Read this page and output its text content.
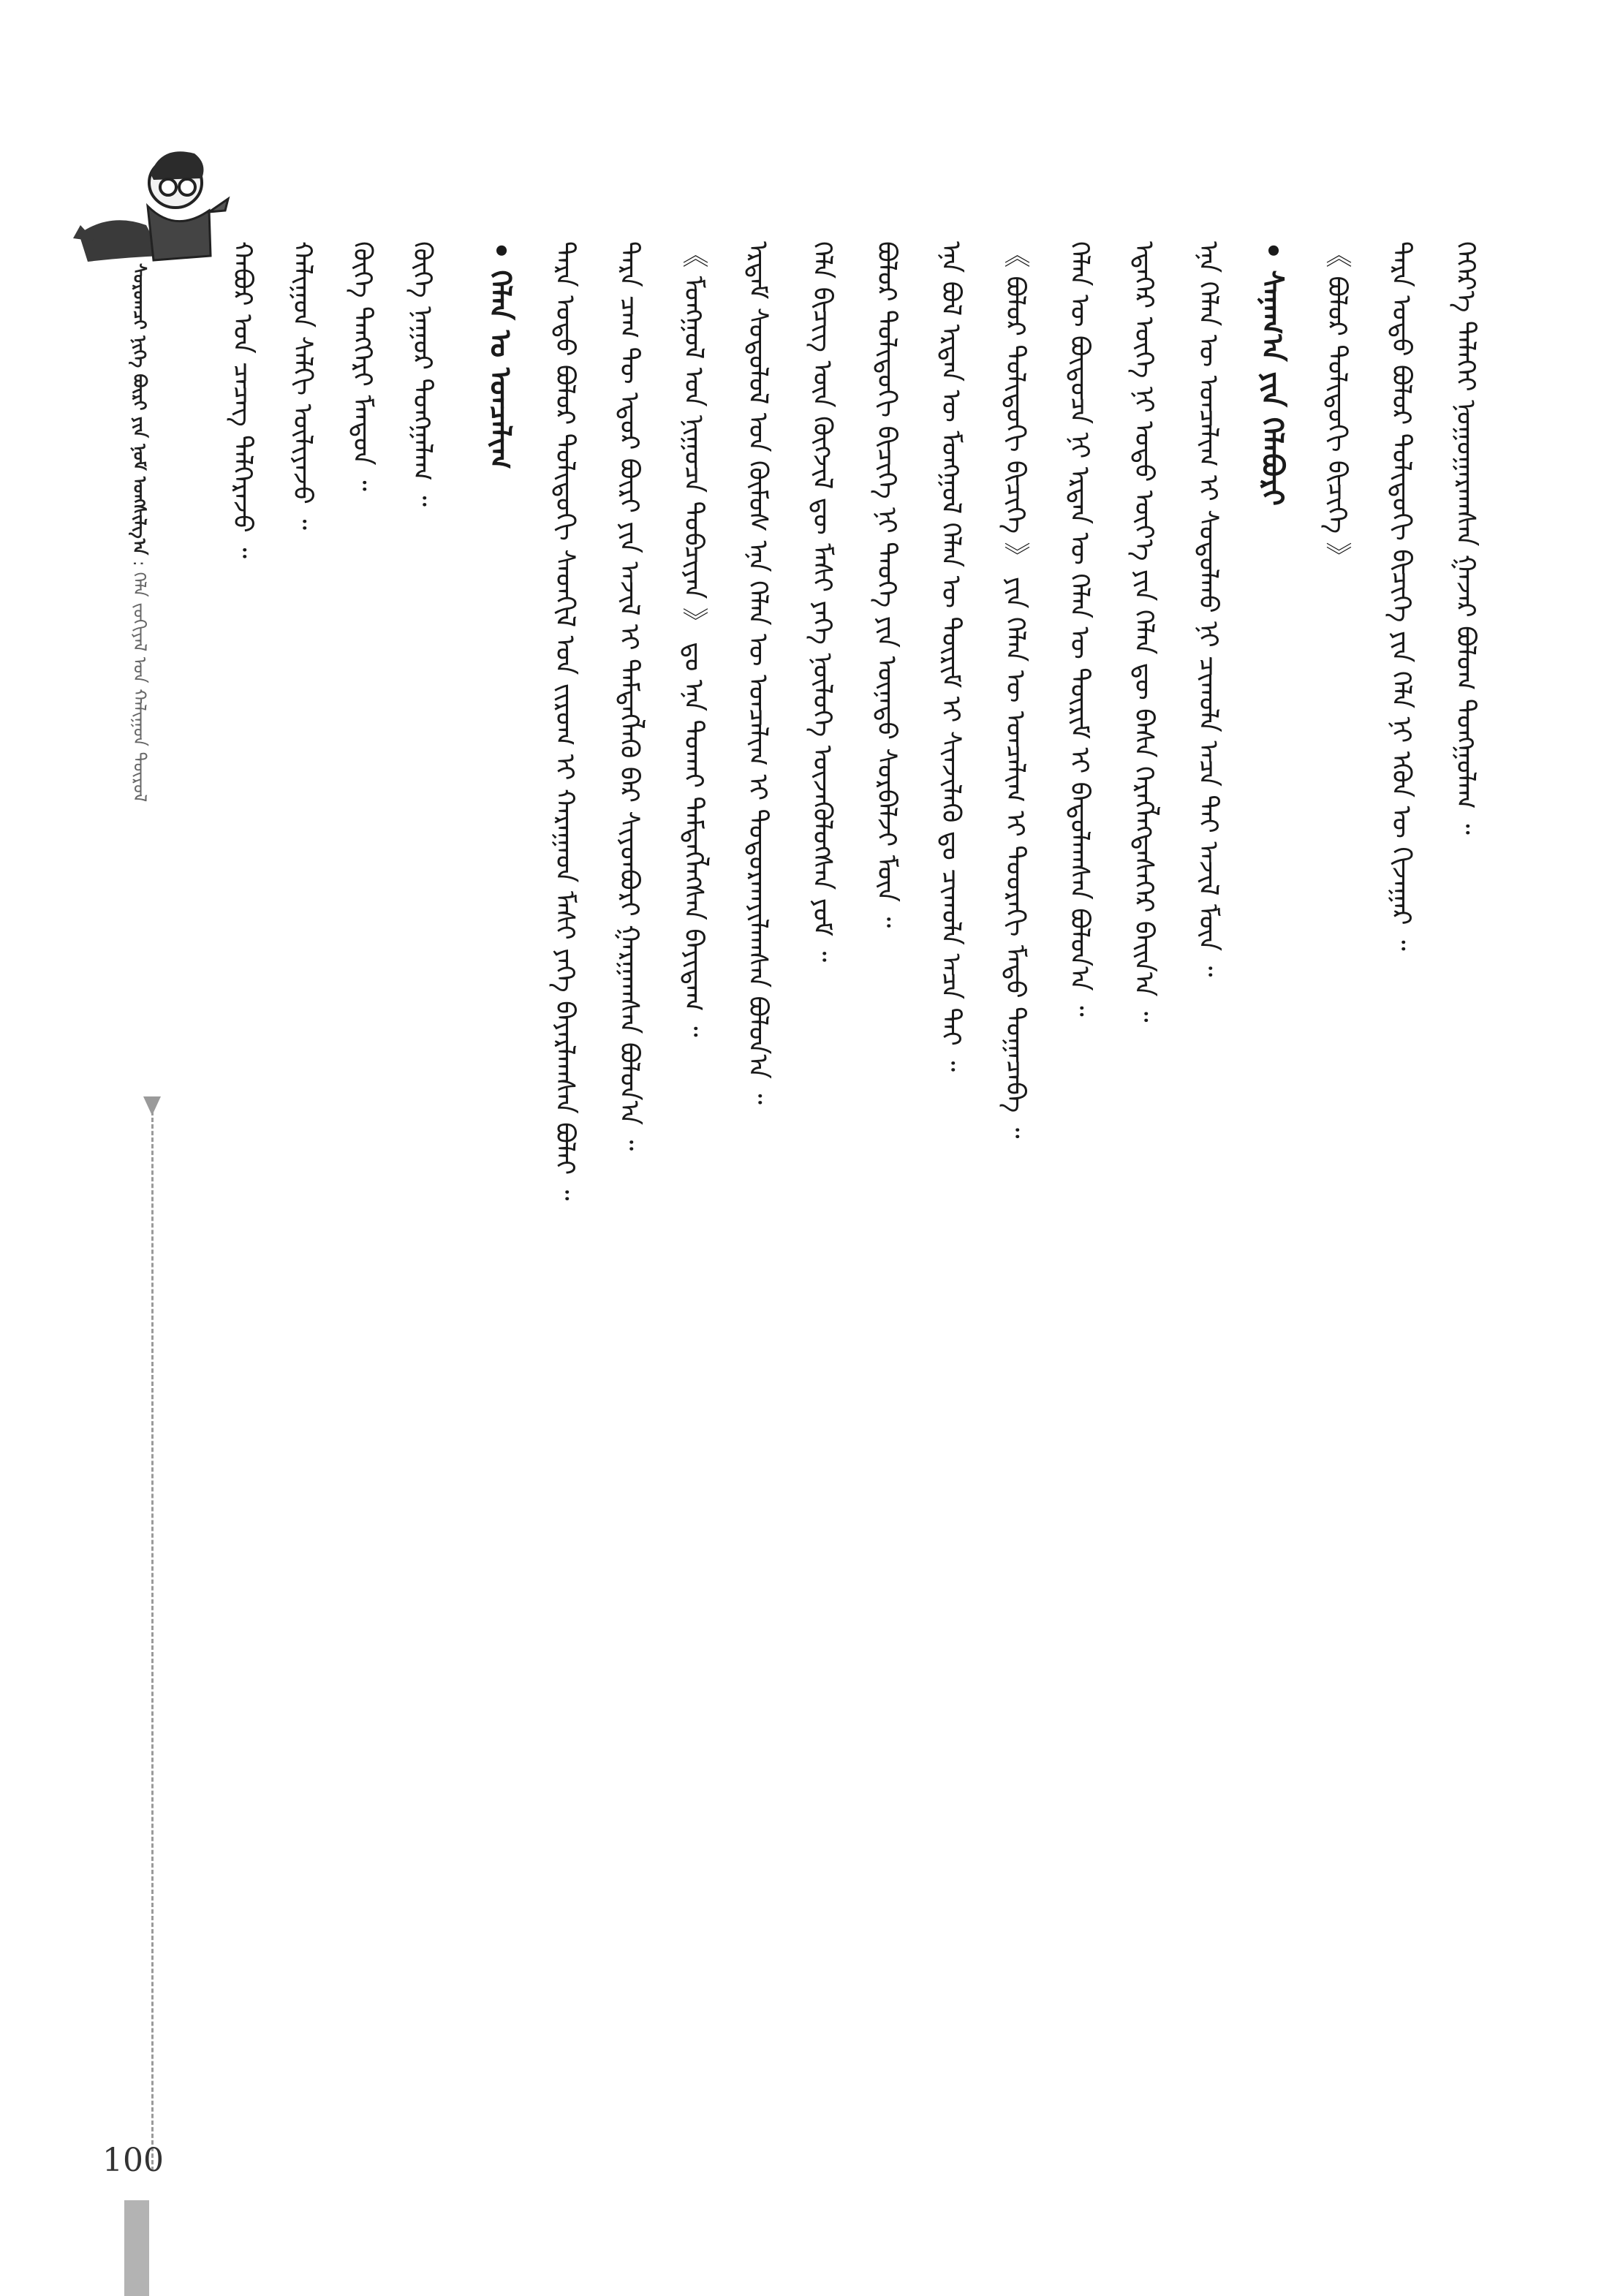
ᠰᠤᠷᠤᠭᠴᠢ ᠨᠢᠭᠡ ᠪᠦᠷᠢ ᠶᠢᠨ ᠨᠣᠮ ᠤᠩᠰᠢᠯᠭ᠎ᠠ : ᠬᠡᠯᠡ ᠵᠣᠬᠢᠶᠠᠯ ᠤᠨ ᠬᠠᠯᠢᠭᠤᠨ ᠲᠥᠷᠦᠯ

ᠬᠠᠪᠤᠷ ᠤᠨ ᠴᠡᠴᠡᠭ ᠳᠡᠯᠭᠡᠷᠡᠵᠦ ᠃	ᠬᠠᠯᠢᠭᠤᠨ ᠰᠠᠯᠬᠢ ᠦᠯᠢᠶᠡᠵᠦ ᠃	ᠬᠦᠬᠡ ᠲᠡᠩᠭᠡᠷᠢ ᠮᠠᠨᠳᠤᠨ ᠃	ᠬᠥᠬᠡ ᠨᠠᠭᠤᠷ ᠲᠤᠩᠭᠠᠯᠠᠭ ᠃	• ᠬᠡᠯᠡᠨ ᠤ ᠣᠨᠴᠠᠯᠢᠭ	ᠲᠡᠷᠡ ᠣᠳᠣ ᠪᠣᠯᠣᠷ ᠲᠣᠯᠢᠳᠤᠬᠢ ᠰᠡᠳᠬᠢᠯ ᠤᠨ ᠵᠢᠷᠤᠭ ᠢ ᠬᠠᠷᠠᠭᠠᠳ ᠮᠠᠰᠢ ᠶᠡᠬᠡ ᠪᠠᠶᠠᠷᠯᠠᠭᠰᠠᠨ ᠪᠣᠯᠠᠢ ᠃	ᠲᠡᠷᠡ ᠴᠠᠭ ᠲᠦ ᠡᠳᠦᠷ ᠪᠦᠷᠢ ᠶᠢᠨ ᠠᠵᠢᠯ ᠢ ᠲᠡᠮᠳᠡᠭᠯᠡᠬᠦ ᠪᠡᠷ ᠰᠢᠶᠳᠪᠦᠷᠢ ᠭᠠᠷᠭᠠᠭᠰᠠᠨ ᠪᠣᠯᠤᠨ᠎ᠠ ᠃	《 ᠮᠣᠩᠭᠣᠯ ᠤᠨ ᠨᠢᠭᠤᠴᠠ ᠲᠣᠪᠴᠢᠶᠠᠨ 》 ᠳᠤ ᠡᠨᠡ ᠲᠤᠬᠠᠢ ᠲᠡᠮᠳᠡᠭᠯᠡᠭᠰᠡᠨ ᠪᠠᠶᠢᠳᠠᠭ ᠃	ᠡᠷᠳᠡᠮ ᠰᠤᠳᠤᠯᠤᠯ ᠤᠨ ᠬᠦᠮᠦᠰ ᠡᠨᠡ ᠬᠡᠯᠡᠨ ᠦ ᠣᠨᠴᠠᠯᠢᠭ ᠢ ᠲᠣᠳᠤᠷᠬᠠᠶᠢᠯᠠᠭᠰᠠᠨ ᠪᠣᠯᠤᠨ᠎ᠠ ᠃	ᠬᠡᠯᠡ ᠪᠢᠴᠢᠭ ᠦᠨ ᠬᠥᠭᠵᠢᠯ ᠳᠦ ᠮᠠᠰᠢ ᠶᠡᠬᠡ ᠨᠥᠯᠦᠭᠡ ᠦᠵᠡᠭᠦᠯᠦᠭᠰᠡᠨ ᠶᠤᠮ ᠃	ᠪᠣᠯᠣᠷ ᠲᠣᠯᠢᠳᠤᠬᠢ ᠪᠢᠴᠢᠭᠡ ᠨᠢ ᠲᠡᠦᠬᠡ ᠶᠢᠨ ᠦᠨᠡᠲᠦ ᠰᠤᠷᠪᠠᠯᠵᠢ ᠮᠥᠨ ᠃	ᠡᠨᠡ ᠪᠣᠯ ᠡᠷᠲᠡᠨ ᠦ ᠮᠣᠩᠭᠣᠯ ᠬᠡᠯᠡᠨ ᠦ ᠳᠦᠷᠢᠮ ᠢ ᠰᠢᠨᠵᠢᠯᠡᠬᠦ ᠳᠤ ᠴᠢᠬᠤᠯᠠ ᠠᠴᠠ ᠲᠠᠢ ᠃	《 ᠪᠣᠯᠣᠷ ᠲᠣᠯᠢᠳᠤᠬᠢ ᠪᠢᠴᠢᠭᠡ 》 ᠶᠢᠨ ᠬᠡᠯᠡᠨ ᠦ ᠣᠨᠴᠠᠯᠢᠭ ᠢ ᠳᠣᠣᠷᠠᠬᠢ ᠮᠡᠲᠦ ᠲᠣᠭᠠᠴᠠᠪᠠ ᠃	ᠬᠡᠯᠡᠨ ᠦ ᠪᠦᠲᠦᠴᠡ ᠨᠢ ᠡᠷᠲᠡᠨ ᠦ ᠬᠡᠯᠡᠨ ᠦ ᠳᠦᠷᠢᠮ ᠢ ᠪᠠᠲᠤᠯᠠᠭᠰᠠᠨ ᠪᠣᠯᠤᠨ᠎ᠠ ᠃	ᠡᠳᠡᠭᠡᠷ ᠦᠭᠡ ᠨᠢ ᠣᠳᠣ ᠦᠶ᠎ᠡ ᠶᠢᠨ ᠬᠡᠯᠡᠨ ᠳᠦ ᠪᠠᠰᠠ ᠬᠡᠷᠡᠭᠯᠡᠭᠳᠡᠰᠡᠭᠡᠷ ᠪᠠᠢᠨ᠎ᠠ ᠃	ᠡᠨᠡ ᠬᠡᠯᠡᠨ ᠦ ᠣᠨᠴᠠᠯᠢᠭ ᠢ ᠰᠤᠳᠤᠯᠬᠤ ᠨᠢ ᠴᠢᠬᠤᠯᠠ ᠠᠴᠠ ᠲᠠᠢ ᠠᠵᠢᠯ ᠮᠥᠨ ᠃	• ᠰᠠᠨᠠᠭ᠎ᠠ ᠶᠢᠨ ᠬᠡᠯᠡᠪᠦᠷᠢ	《 ᠪᠣᠯᠣᠷ ᠲᠣᠯᠢᠳᠤᠬᠢ ᠪᠢᠴᠢᠭᠡ 》	ᠲᠡᠷᠡ ᠣᠳᠣ ᠪᠣᠯᠣᠷ ᠲᠣᠯᠢᠳᠤᠬᠢ ᠪᠢᠴᠢᠭᠡ ᠶᠢᠨ ᠬᠡᠯᠡ ᠨᠢ ᠡᠭᠦᠨ ᠦ ᠬᠢᠵᠠᠭᠠᠷ ᠃	ᠬᠡᠭᠡᠷ᠎ᠡ ᠳᠡᠯᠡᠬᠡᠢ ᠨᠣᠭᠣᠭᠠᠷᠠᠭᠰᠠᠨ ᠭᠠᠵᠠᠷ ᠪᠤᠯᠤᠭ ᠲᠣᠩᠭᠣᠯᠠᠭ ᠃

100
